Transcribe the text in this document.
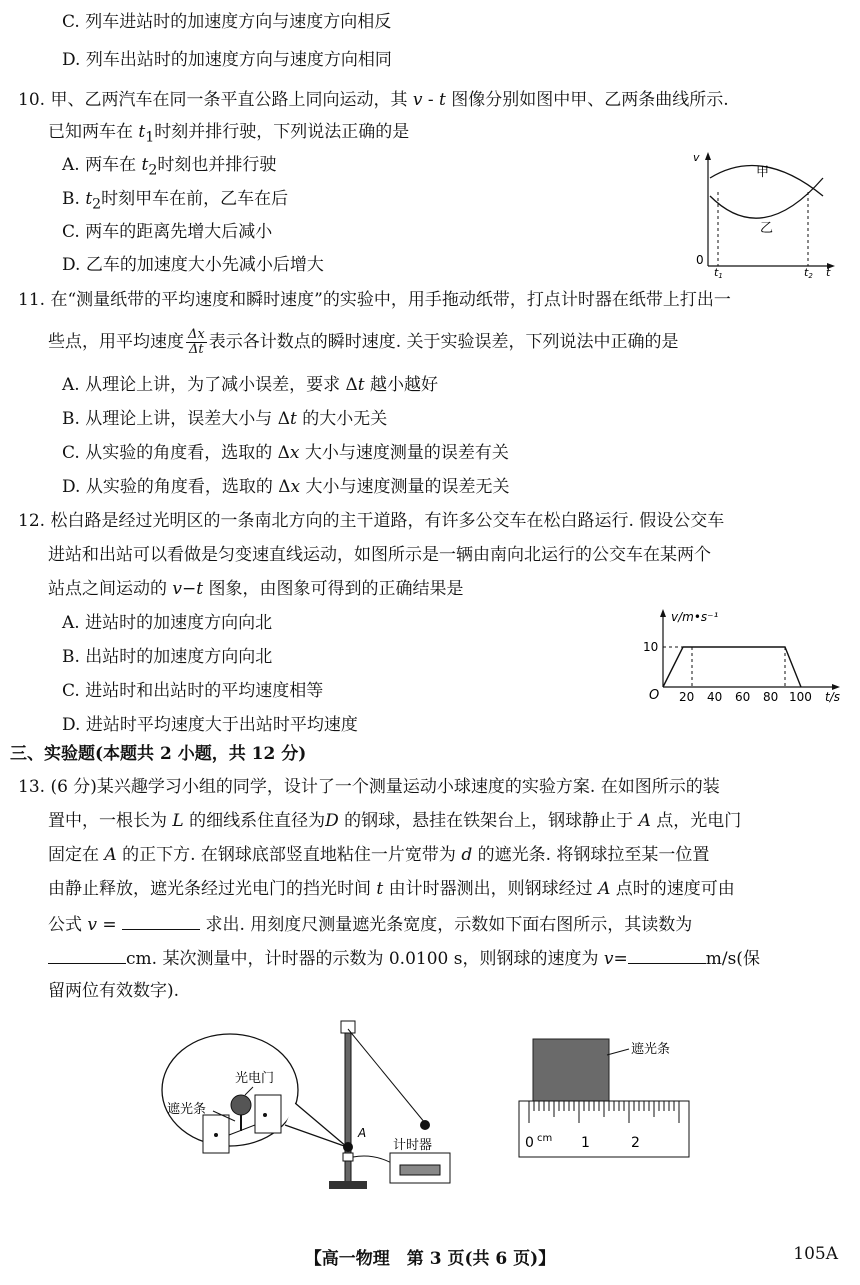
C. 列车进站时的加速度方向与速度方向相反
D. 列车出站时的加速度方向与速度方向相同
10. 甲、乙两汽车在同一条平直公路上同向运动，其 v - t 图像分别如图中甲、乙两条曲线所示.
已知两车在 $t_1$时刻并排行驶，下列说法正确的是
A. 两车在 $t_2$时刻也并排行驶
B. $t_2$时刻甲车在前，乙车在后
C. 两车的距离先增大后减小
D. 乙车的加速度大小先减小后增大
v
0
t1	t2 t
甲
乙
11. 在“测量纸带的平均速度和瞬时速度”的实验中，用手拖动纸带，打点计时器在纸带上打出一
些点，用平均速度 $\frac{\Delta x}{\Delta t}$ 表示各计数点的瞬时速度. 关于实验误差，下列说法中正确的是
A. 从理论上讲，为了减小误差，要求 Δt 越小越好
B. 从理论上讲，误差大小与 Δt 的大小无关
C. 从实验的角度看，选取的 Δx 大小与速度测量的误差有关
D. 从实验的角度看，选取的 Δx 大小与速度测量的误差无关
12. 松白路是经过光明区的一条南北方向的主干道路，有许多公交车在松白路运行. 假设公交车
进站和出站可以看做是匀变速直线运动，如图所示是一辆由南向北运行的公交车在某两个
站点之间运动的 v−t 图象，由图象可得到的正确结果是
A. 进站时的加速度方向向北
B. 出站时的加速度方向向北
C. 进站时和出站时的平均速度相等
D. 进站时平均速度大于出站时平均速度
v/m•s⁻¹
10
O 20 40 60 80 100 t/s
三、实验题(本题共 2 小题，共 12 分)
13. (6 分)某兴趣学习小组的同学，设计了一个测量运动小球速度的实验方案. 在如图所示的装
置中，一根长为 L 的细线系住直径为D 的钢球，悬挂在铁架台上，钢球静止于 A 点，光电门
固定在 A 的正下方. 在钢球底部竖直地粘住一片宽带为 d 的遮光条. 将钢球拉至某一位置
由静止释放，遮光条经过光电门的挡光时间 t 由计时器测出，则钢球经过 A 点时的速度可由
公式 v =	求出. 用刻度尺测量遮光条宽度，示数如下面右图所示，其读数为
cm. 某次测量中，计时器的示数为 0.0100 s，则钢球的速度为 v=	m/s(保
留两位有效数字).
光电门
遮光条
A
计时器
遮光条
0 cm 1	2
【高一物理　第 3 页(共 6 页)】	105A
